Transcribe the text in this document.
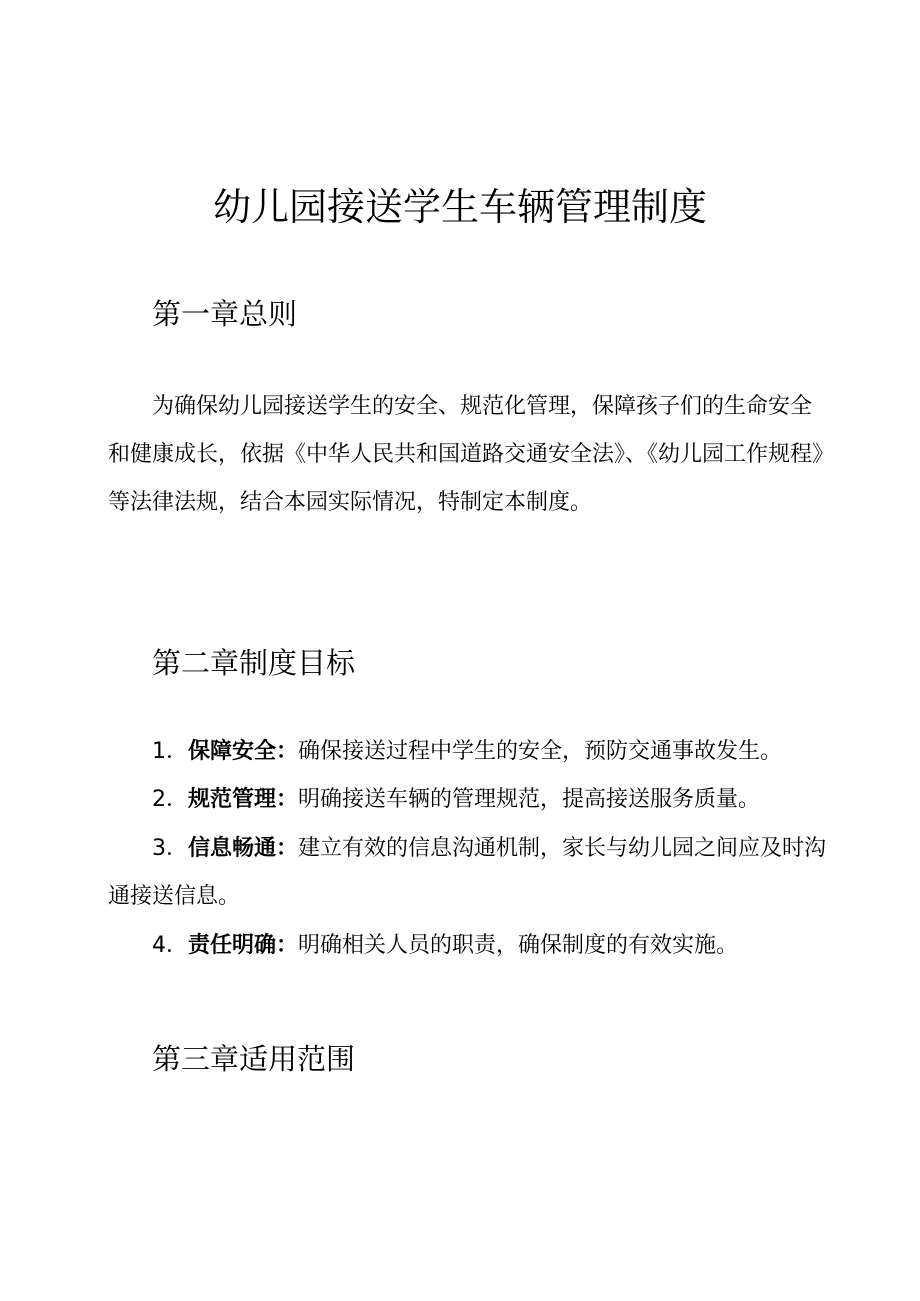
幼儿园接送学生车辆管理制度
第一章总则

为确保幼儿园接送学生的安全、规范化管理，保障孩子们的生命安全和健康成长，依据《中华人民共和国道路交通安全法》、《幼儿园工作规程》等法律法规，结合本园实际情况，特制定本制度。

第二章制度目标

1．保障安全：确保接送过程中学生的安全，预防交通事故发生。

2．规范管理：明确接送车辆的管理规范，提高接送服务质量。

3．信息畅通：建立有效的信息沟通机制，家长与幼儿园之间应及时沟通接送信息。

4．责任明确：明确相关人员的职责，确保制度的有效实施。

第三章适用范围
